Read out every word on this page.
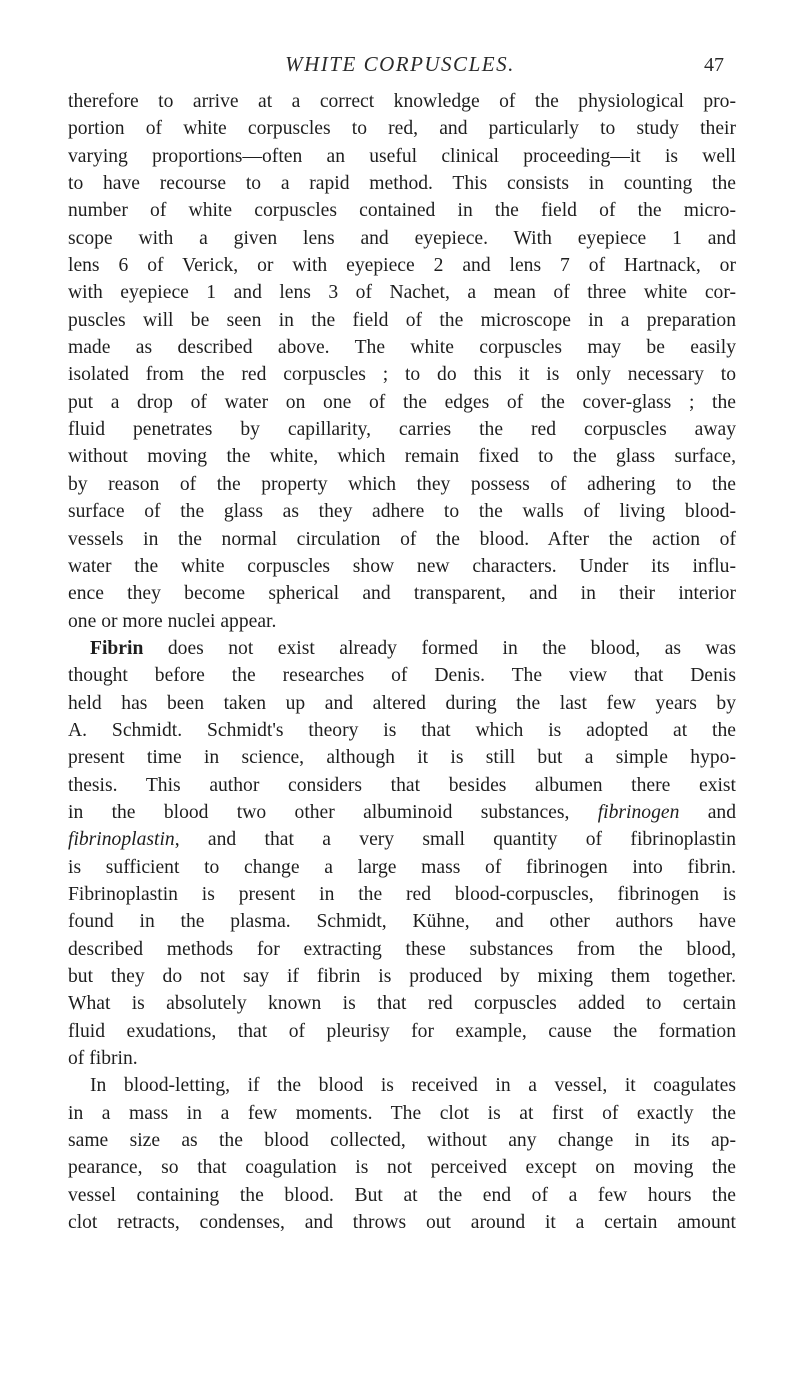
WHITE CORPUSCLES.	47
therefore to arrive at a correct knowledge of the physiological pro-
portion of white corpuscles to red, and particularly to study their
varying proportions—often an useful clinical proceeding—it is well
to have recourse to a rapid method. This consists in counting the
number of white corpuscles contained in the field of the micro-
scope with a given lens and eyepiece. With eyepiece 1 and
lens 6 of Verick, or with eyepiece 2 and lens 7 of Hartnack, or
with eyepiece 1 and lens 3 of Nachet, a mean of three white cor-
puscles will be seen in the field of the microscope in a preparation
made as described above. The white corpuscles may be easily
isolated from the red corpuscles ; to do this it is only necessary to
put a drop of water on one of the edges of the cover-glass ; the
fluid penetrates by capillarity, carries the red corpuscles away
without moving the white, which remain fixed to the glass surface,
by reason of the property which they possess of adhering to the
surface of the glass as they adhere to the walls of living blood-
vessels in the normal circulation of the blood. After the action of
water the white corpuscles show new characters. Under its influ-
ence they become spherical and transparent, and in their interior
one or more nuclei appear.
Fibrin does not exist already formed in the blood, as was
thought before the researches of Denis. The view that Denis
held has been taken up and altered during the last few years by
A. Schmidt. Schmidt's theory is that which is adopted at the
present time in science, although it is still but a simple hypo-
thesis. This author considers that besides albumen there exist
in the blood two other albuminoid substances, fibrinogen and
fibrinoplastin, and that a very small quantity of fibrinoplastin
is sufficient to change a large mass of fibrinogen into fibrin.
Fibrinoplastin is present in the red blood-corpuscles, fibrinogen is
found in the plasma. Schmidt, Kühne, and other authors have
described methods for extracting these substances from the blood,
but they do not say if fibrin is produced by mixing them together.
What is absolutely known is that red corpuscles added to certain
fluid exudations, that of pleurisy for example, cause the formation
of fibrin.
In blood-letting, if the blood is received in a vessel, it coagulates
in a mass in a few moments. The clot is at first of exactly the
same size as the blood collected, without any change in its ap-
pearance, so that coagulation is not perceived except on moving the
vessel containing the blood. But at the end of a few hours the
clot retracts, condenses, and throws out around it a certain amount
